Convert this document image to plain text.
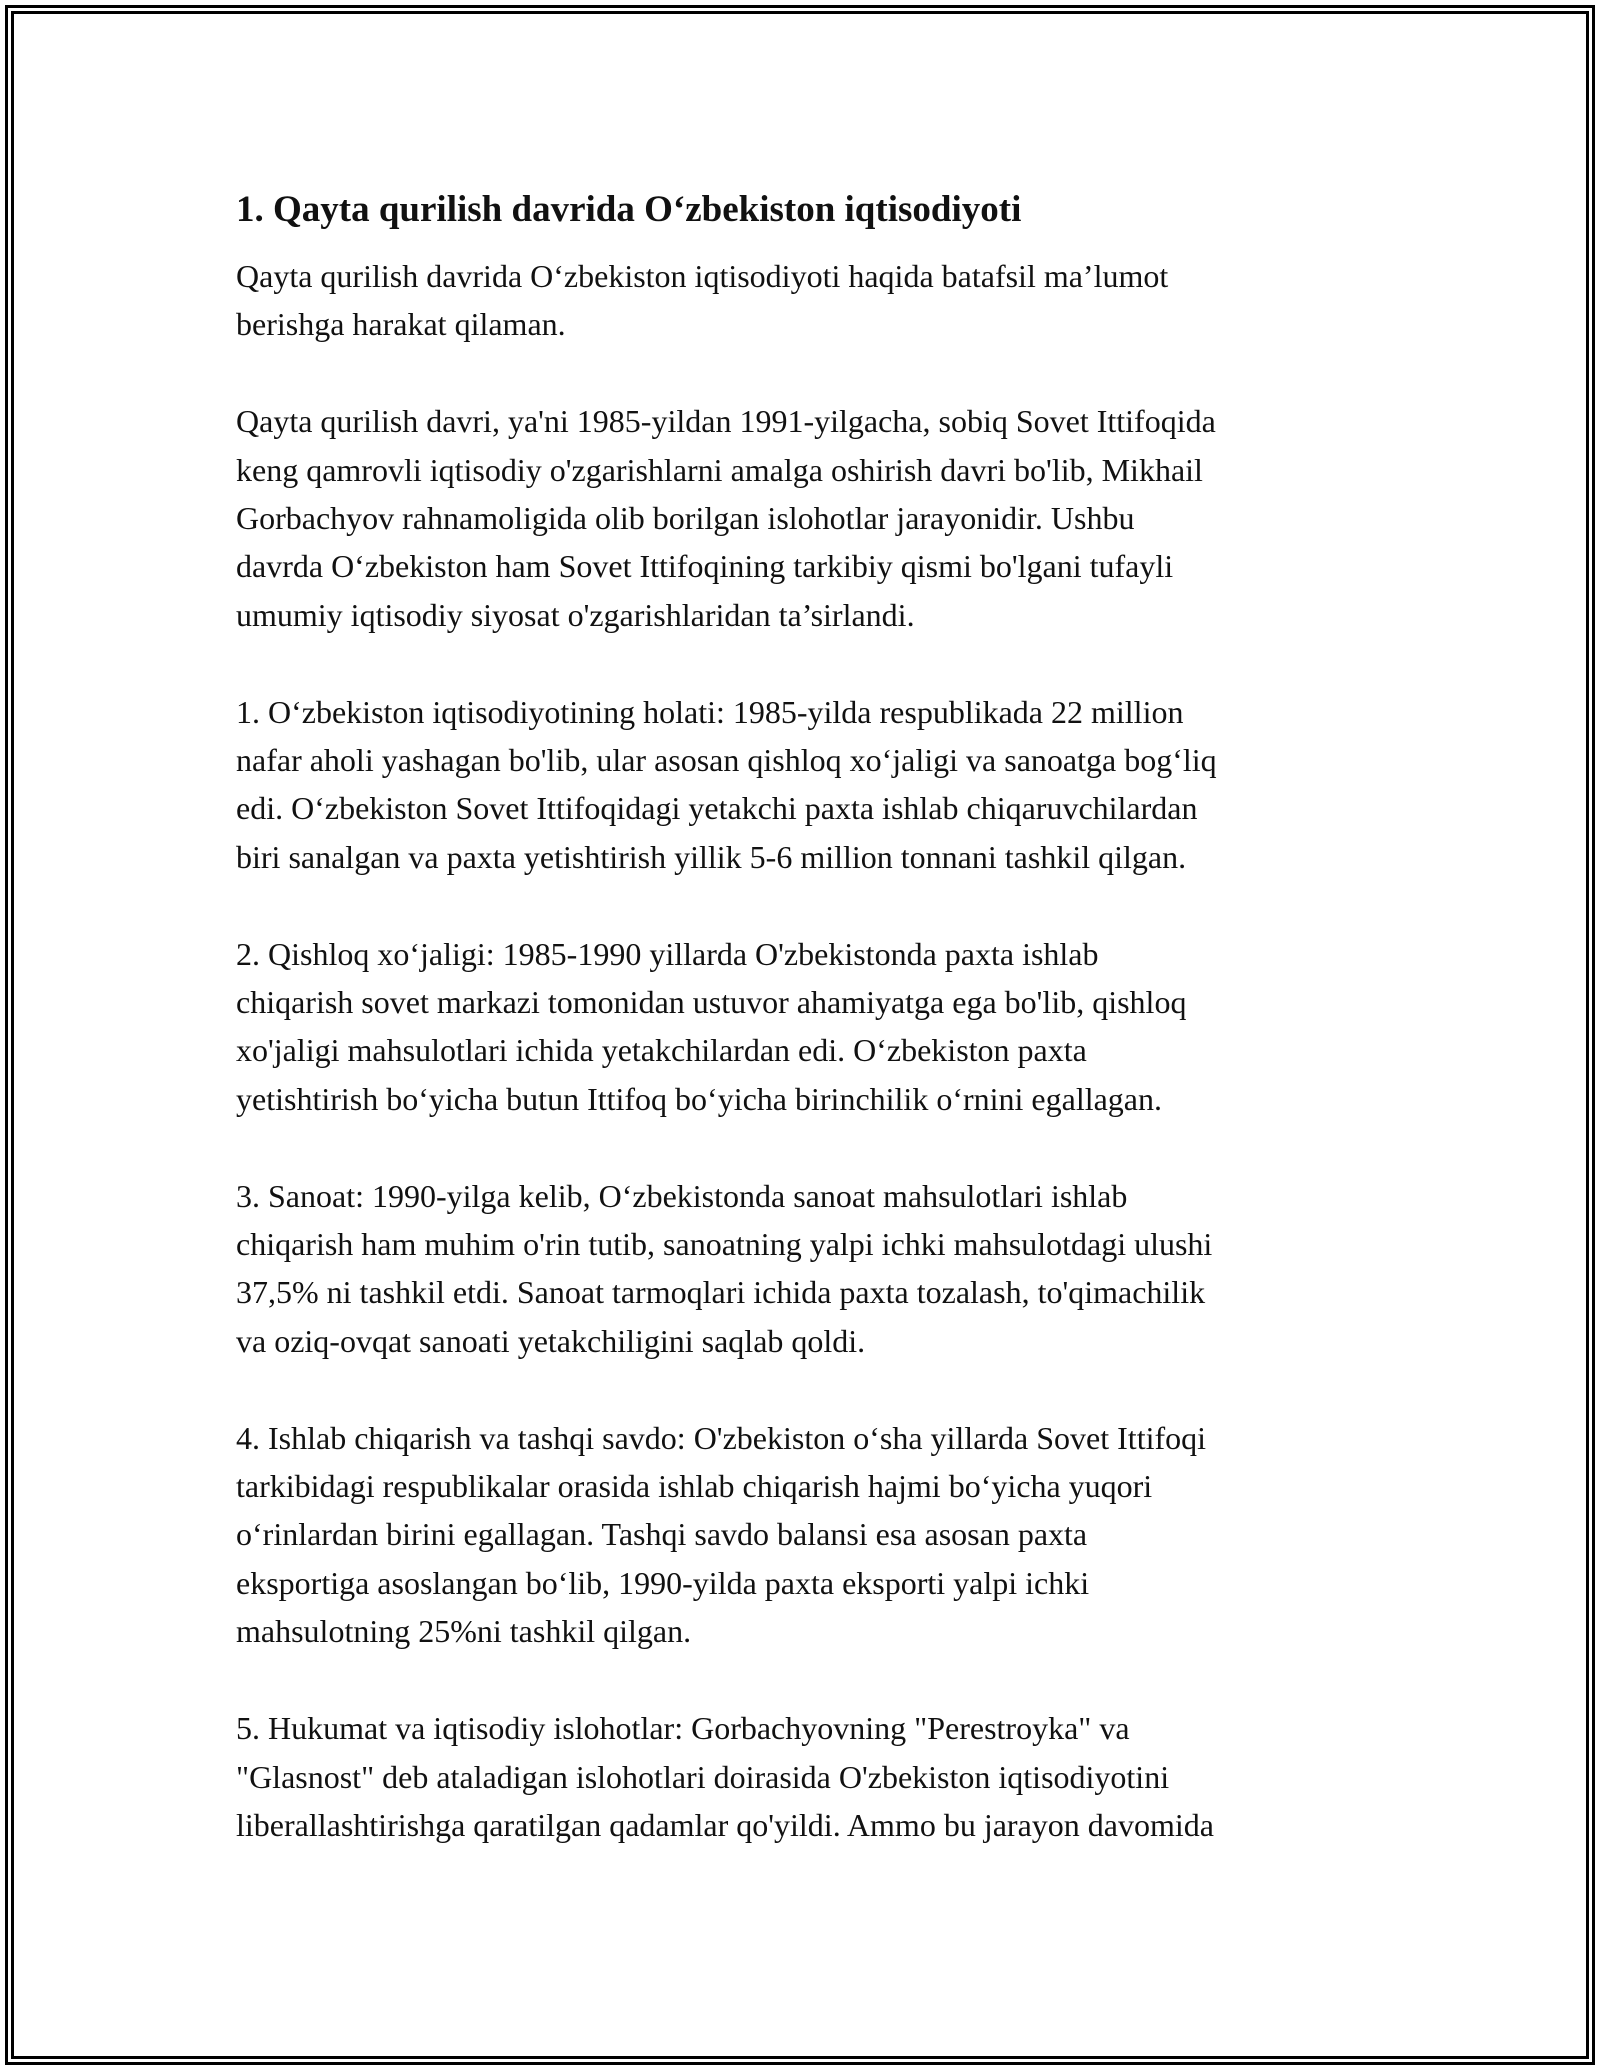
1. Qayta qurilish davrida O‘zbekiston iqtisodiyoti
Qayta qurilish davrida O‘zbekiston iqtisodiyoti haqida batafsil ma’lumot
berishga harakat qilaman.
Qayta qurilish davri, ya'ni 1985-yildan 1991-yilgacha, sobiq Sovet Ittifoqida
keng qamrovli iqtisodiy o'zgarishlarni amalga oshirish davri bo'lib, Mikhail
Gorbachyov rahnamoligida olib borilgan islohotlar jarayonidir. Ushbu
davrda O‘zbekiston ham Sovet Ittifoqining tarkibiy qismi bo'lgani tufayli
umumiy iqtisodiy siyosat o'zgarishlaridan ta’sirlandi.
1. O‘zbekiston iqtisodiyotining holati: 1985-yilda respublikada 22 million
nafar aholi yashagan bo'lib, ular asosan qishloq xo‘jaligi va sanoatga bog‘liq
edi. O‘zbekiston Sovet Ittifoqidagi yetakchi paxta ishlab chiqaruvchilardan
biri sanalgan va paxta yetishtirish yillik 5-6 million tonnani tashkil qilgan.
2. Qishloq xo‘jaligi: 1985-1990 yillarda O'zbekistonda paxta ishlab
chiqarish sovet markazi tomonidan ustuvor ahamiyatga ega bo'lib, qishloq
xo'jaligi mahsulotlari ichida yetakchilardan edi. O‘zbekiston paxta
yetishtirish bo‘yicha butun Ittifoq bo‘yicha birinchilik o‘rnini egallagan.
3. Sanoat: 1990-yilga kelib, O‘zbekistonda sanoat mahsulotlari ishlab
chiqarish ham muhim o'rin tutib, sanoatning yalpi ichki mahsulotdagi ulushi
37,5% ni tashkil etdi. Sanoat tarmoqlari ichida paxta tozalash, to'qimachilik
va oziq-ovqat sanoati yetakchiligini saqlab qoldi.
4. Ishlab chiqarish va tashqi savdo: O'zbekiston o‘sha yillarda Sovet Ittifoqi
tarkibidagi respublikalar orasida ishlab chiqarish hajmi bo‘yicha yuqori
o‘rinlardan birini egallagan. Tashqi savdo balansi esa asosan paxta
eksportiga asoslangan bo‘lib, 1990-yilda paxta eksporti yalpi ichki
mahsulotning 25%ni tashkil qilgan.
5. Hukumat va iqtisodiy islohotlar: Gorbachyovning "Perestroyka" va
"Glasnost" deb ataladigan islohotlari doirasida O'zbekiston iqtisodiyotini
liberallashtirishga qaratilgan qadamlar qo'yildi. Ammo bu jarayon davomida
